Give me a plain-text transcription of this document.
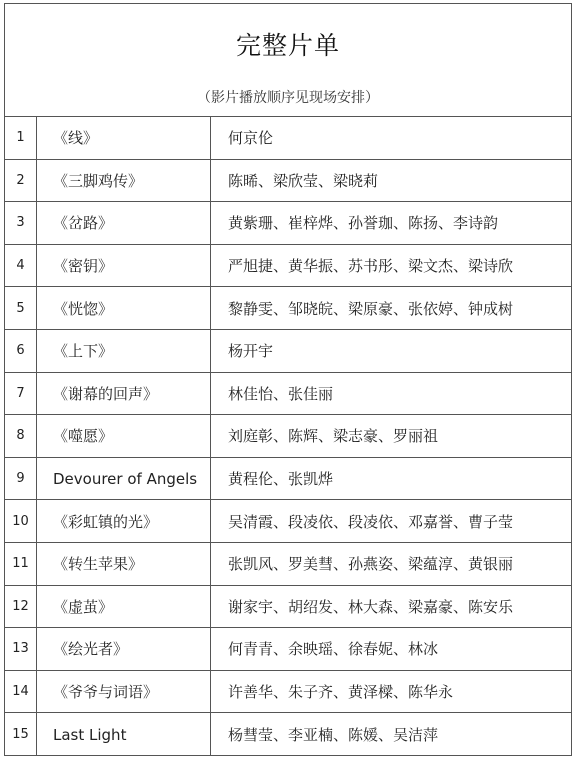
完整片单
（影片播放顺序见现场安排）
1	《线》	何京伦
2	《三脚鸡传》	陈晞、梁欣莹、梁晓莉
3	《岔路》	黄紫珊、崔梓烨、孙誉珈、陈扬、李诗韵
4	《密钥》	严旭捷、黄华振、苏书彤、梁文杰、梁诗欣
5	《恍惚》	黎静雯、邹晓皖、梁原豪、张依婷、钟成树
6	《上下》	杨开宇
7	《谢幕的回声》	林佳怡、张佳丽
8	《噬愿》	刘庭彰、陈辉、梁志豪、罗丽祖
9	Devourer of Angels	黄程伦、张凯烨
10	《彩虹镇的光》	吴清霞、段凌依、段凌依、邓嘉誉、曹子莹
11	《转生苹果》	张凯风、罗美彗、孙燕姿、梁蕴淳、黄银丽
12	《虚茧》	谢家宇、胡绍发、林大森、梁嘉豪、陈安乐
13	《绘光者》	何青青、余映瑶、徐春妮、林冰
14	《爷爷与词语》	许善华、朱子齐、黄泽樑、陈华永
15	Last Light	杨彗莹、李亚楠、陈媛、吴洁萍
